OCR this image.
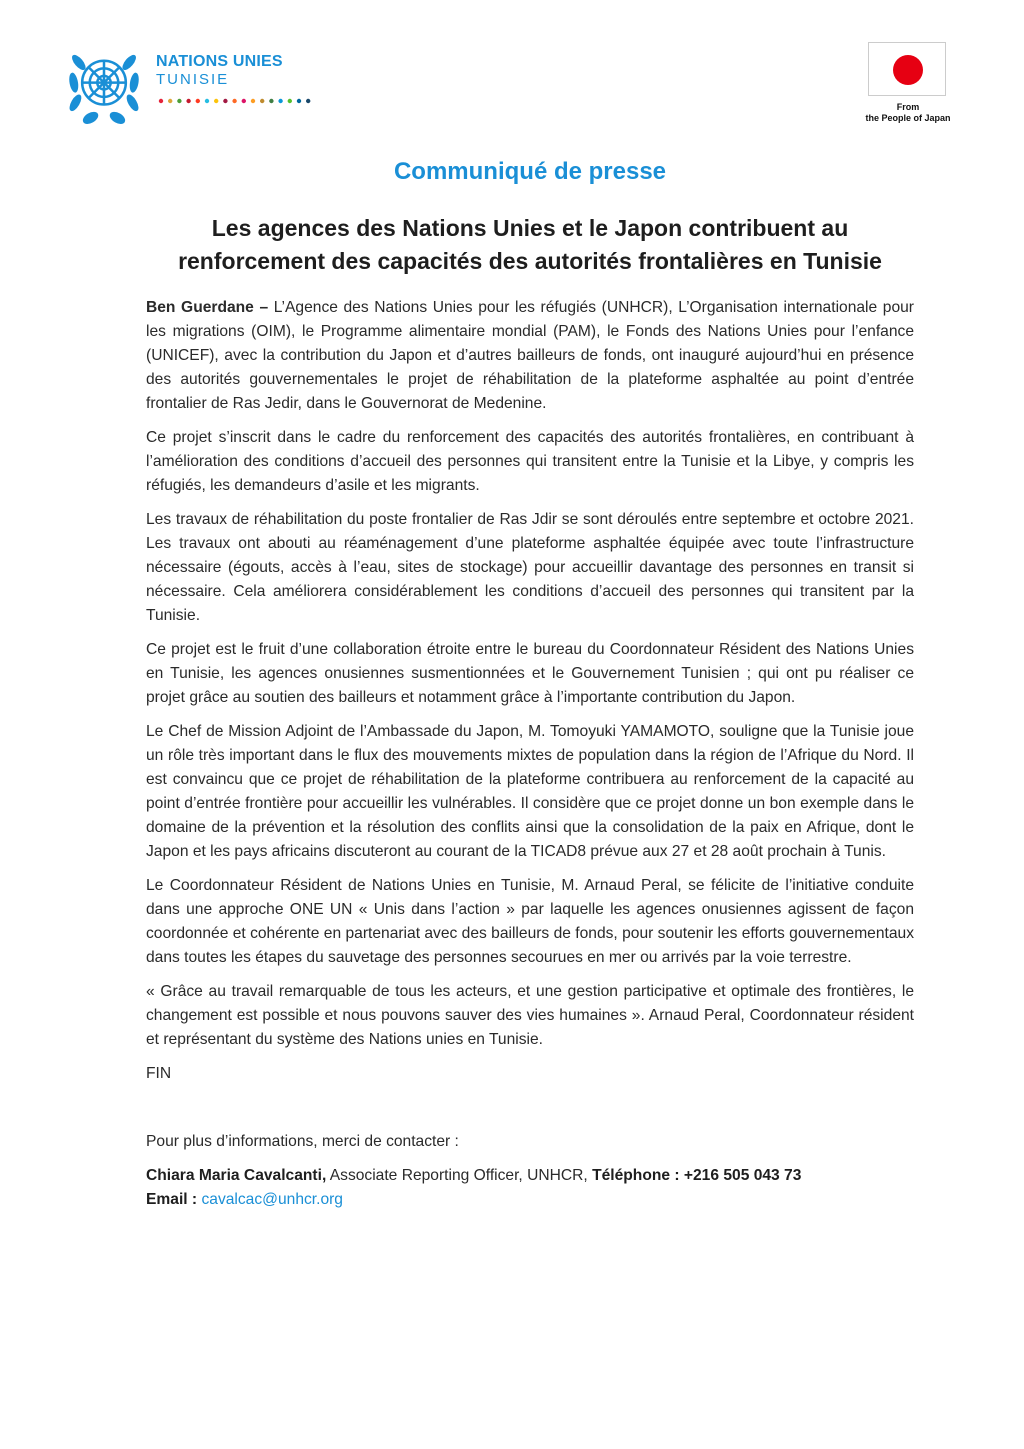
NATIONS UNIES
TUNISIE
From
the People of Japan
Communiqué de presse
Les agences des Nations Unies et le Japon contribuent au
renforcement des capacités des autorités frontalières en Tunisie

Ben Guerdane – L’Agence des Nations Unies pour les réfugiés (UNHCR), L’Organisation internationale pour les migrations (OIM), le Programme alimentaire mondial (PAM), le Fonds des Nations Unies pour l’enfance (UNICEF), avec la contribution du Japon et d’autres bailleurs de fonds, ont inauguré aujourd’hui en présence des autorités gouvernementales le projet de réhabilitation de la plateforme asphaltée au point d’entrée frontalier de Ras Jedir, dans le Gouvernorat de Medenine.

Ce projet s’inscrit dans le cadre du renforcement des capacités des autorités frontalières, en contribuant à l’amélioration des conditions d’accueil des personnes qui transitent entre la Tunisie et la Libye, y compris les réfugiés, les demandeurs d’asile et les migrants.

Les travaux de réhabilitation du poste frontalier de Ras Jdir se sont déroulés entre septembre et octobre 2021. Les travaux ont abouti au réaménagement d’une plateforme asphaltée équipée avec toute l’infrastructure nécessaire (égouts, accès à l’eau, sites de stockage) pour accueillir davantage des personnes en transit si nécessaire. Cela améliorera considérablement les conditions d’accueil des personnes qui transitent par la Tunisie.

Ce projet est le fruit d’une collaboration étroite entre le bureau du Coordonnateur Résident des Nations Unies en Tunisie, les agences onusiennes susmentionnées et le Gouvernement Tunisien ; qui ont pu réaliser ce projet grâce au soutien des bailleurs et notamment grâce à l’importante contribution du Japon.

Le Chef de Mission Adjoint de l’Ambassade du Japon, M. Tomoyuki YAMAMOTO, souligne que la Tunisie joue un rôle très important dans le flux des mouvements mixtes de population dans la région de l’Afrique du Nord. Il est convaincu que ce projet de réhabilitation de la plateforme contribuera au renforcement de la capacité au point d’entrée frontière pour accueillir les vulnérables. Il considère que ce projet donne un bon exemple dans le domaine de la prévention et la résolution des conflits ainsi que la consolidation de la paix en Afrique, dont le Japon et les pays africains discuteront au courant de la TICAD8 prévue aux 27 et 28 août prochain à Tunis.

Le Coordonnateur Résident de Nations Unies en Tunisie, M. Arnaud Peral, se félicite de l’initiative conduite dans une approche ONE UN « Unis dans l’action » par laquelle les agences onusiennes agissent de façon coordonnée et cohérente en partenariat avec des bailleurs de fonds, pour soutenir les efforts gouvernementaux dans toutes les étapes du sauvetage des personnes secourues en mer ou arrivés par la voie terrestre.

« Grâce au travail remarquable de tous les acteurs, et une gestion participative et optimale des frontières, le changement est possible et nous pouvons sauver des vies humaines ». Arnaud Peral, Coordonnateur résident et représentant du système des Nations unies en Tunisie.

FIN

Pour plus d’informations, merci de contacter :
Chiara Maria Cavalcanti, Associate Reporting Officer, UNHCR, Téléphone : +216 505 043 73
Email : cavalcac@unhcr.org
